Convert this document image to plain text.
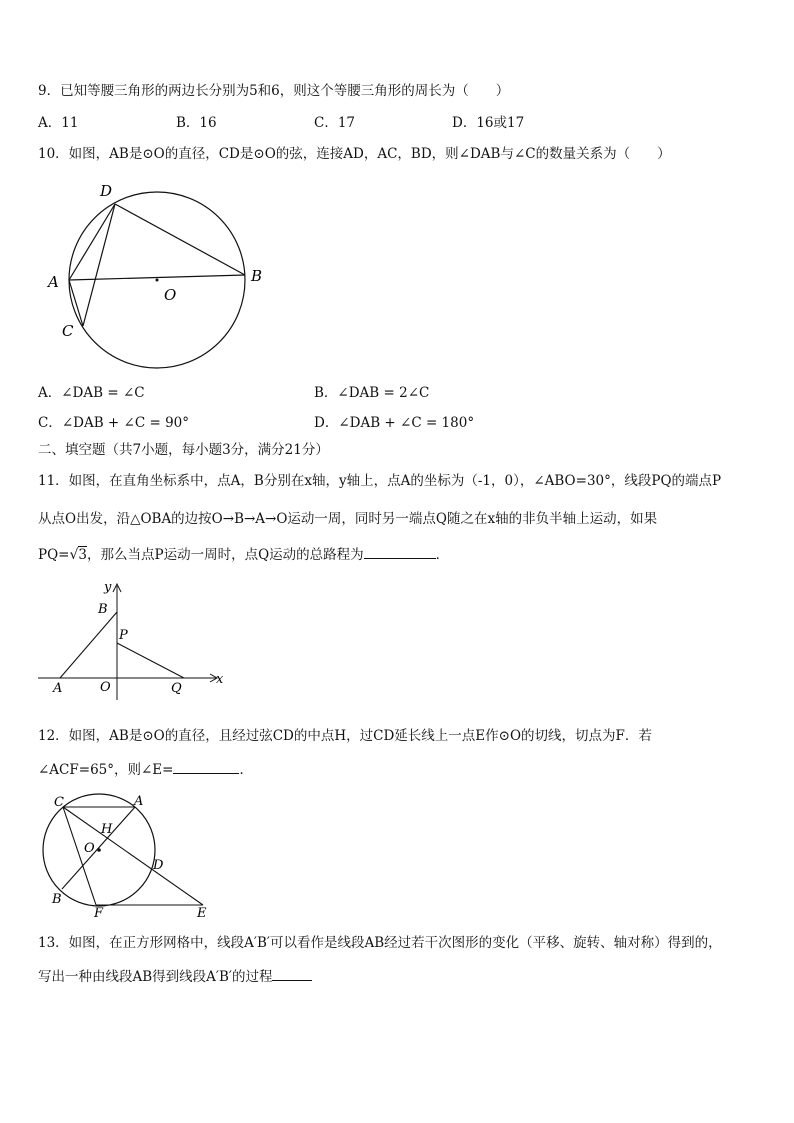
9．已知等腰三角形的两边长分别为5和6，则这个等腰三角形的周长为（　　）
A．11	B．16	C．17	D．16或17
10．如图，AB是⊙O的直径，CD是⊙O的弦，连接AD，AC，BD，则∠DAB与∠C的数量关系为（　　）
D
A	B
C
O
A．∠DAB = ∠C	B．∠DAB = 2∠C
C．∠DAB + ∠C = 90°	D．∠DAB + ∠C = 180°
二、填空题（共7小题，每小题3分，满分21分）
11．如图，在直角坐标系中，点A，B分别在x轴，y轴上，点A的坐标为（-1，0），∠ABO=30°，线段PQ的端点P
从点O出发，沿△OBA的边按O→B→A→O运动一周，同时另一端点Q随之在x轴的非负半轴上运动，如果
PQ=√3，那么当点P运动一周时，点Q运动的总路程为	．
y
x
B
P
A	O	Q
12．如图，AB是⊙O的直径，且经过弦CD的中点H，过CD延长线上一点E作⊙O的切线，切点为F．若
∠ACF=65°，则∠E=	．
C	A
H
O
D
B
F	E
13．如图，在正方形网格中，线段A′B′可以看作是线段AB经过若干次图形的变化（平移、旋转、轴对称）得到的，
写出一种由线段AB得到线段A′B′的过程
